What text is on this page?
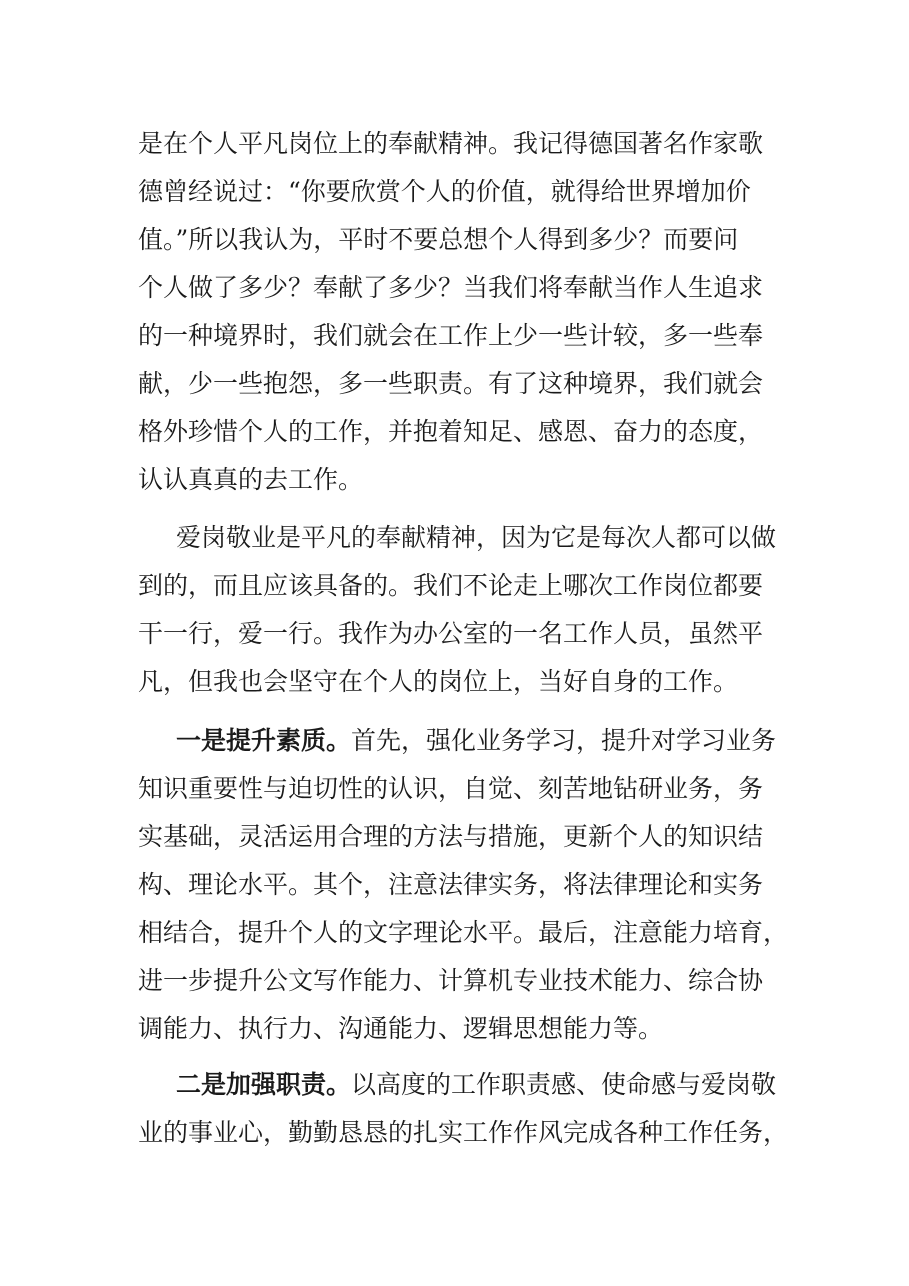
是在个人平凡岗位上的奉献精神。我记得德国著名作家歌
德曾经说过：“你要欣赏个人的价值，就得给世界增加价
值。”所以我认为，平时不要总想个人得到多少？而要问
个人做了多少？奉献了多少？当我们将奉献当作人生追求
的一种境界时，我们就会在工作上少一些计较，多一些奉
献，少一些抱怨，多一些职责。有了这种境界，我们就会
格外珍惜个人的工作，并抱着知足、感恩、奋力的态度，
认认真真的去工作。
爱岗敬业是平凡的奉献精神，因为它是每次人都可以做
到的，而且应该具备的。我们不论走上哪次工作岗位都要
干一行，爱一行。我作为办公室的一名工作人员，虽然平
凡，但我也会坚守在个人的岗位上，当好自身的工作。
一是提升素质。首先，强化业务学习，提升对学习业务
知识重要性与迫切性的认识，自觉、刻苦地钻研业务，务
实基础，灵活运用合理的方法与措施，更新个人的知识结
构、理论水平。其个，注意法律实务，将法律理论和实务
相结合，提升个人的文字理论水平。最后，注意能力培育，
进一步提升公文写作能力、计算机专业技术能力、综合协
调能力、执行力、沟通能力、逻辑思想能力等。
二是加强职责。以高度的工作职责感、使命感与爱岗敬
业的事业心，勤勤恳恳的扎实工作作风完成各种工作任务，
